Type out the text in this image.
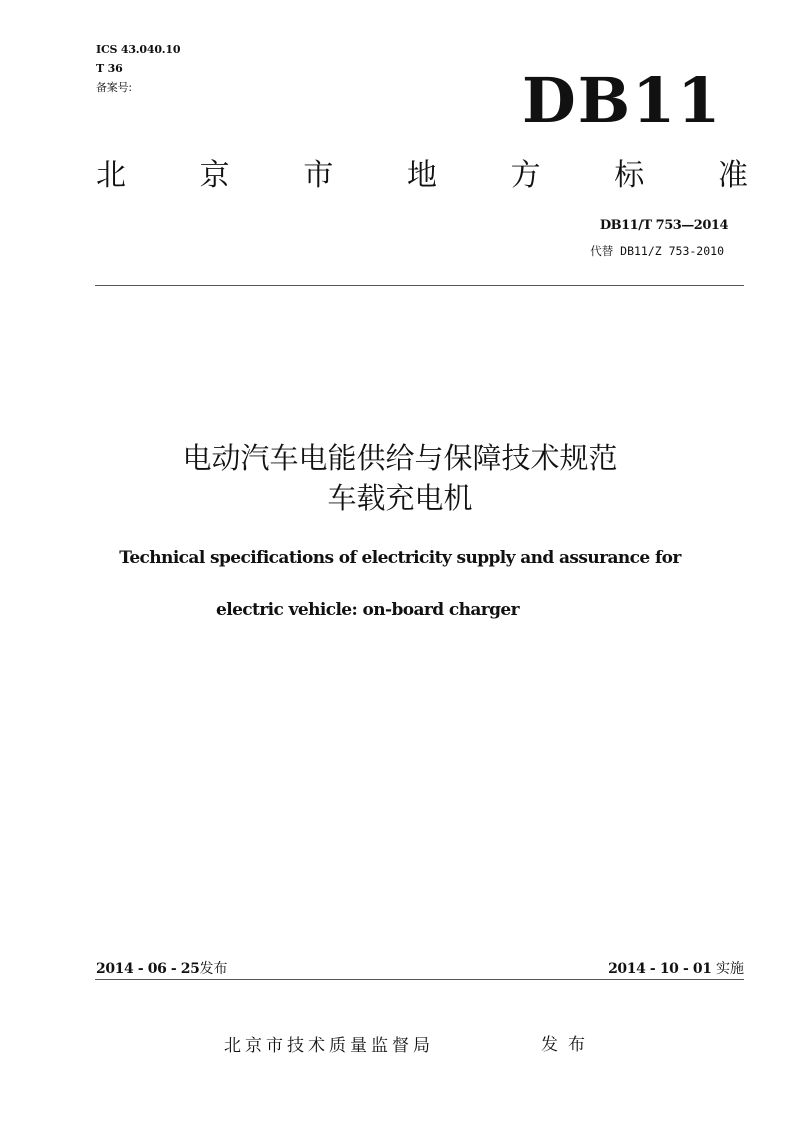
ICS 43.040.10
T 36
备案号:	DB11
北 京 市 地 方 标 准
DB11/T 753—2014
代替 DB11/Z 753-2010
电动汽车电能供给与保障技术规范
车载充电机
Technical specifications of electricity supply and assurance for
electric vehicle: on-board charger
2014 - 06 - 25发布	2014 - 10 - 01 实施
北京市技术质量监督局	发布
